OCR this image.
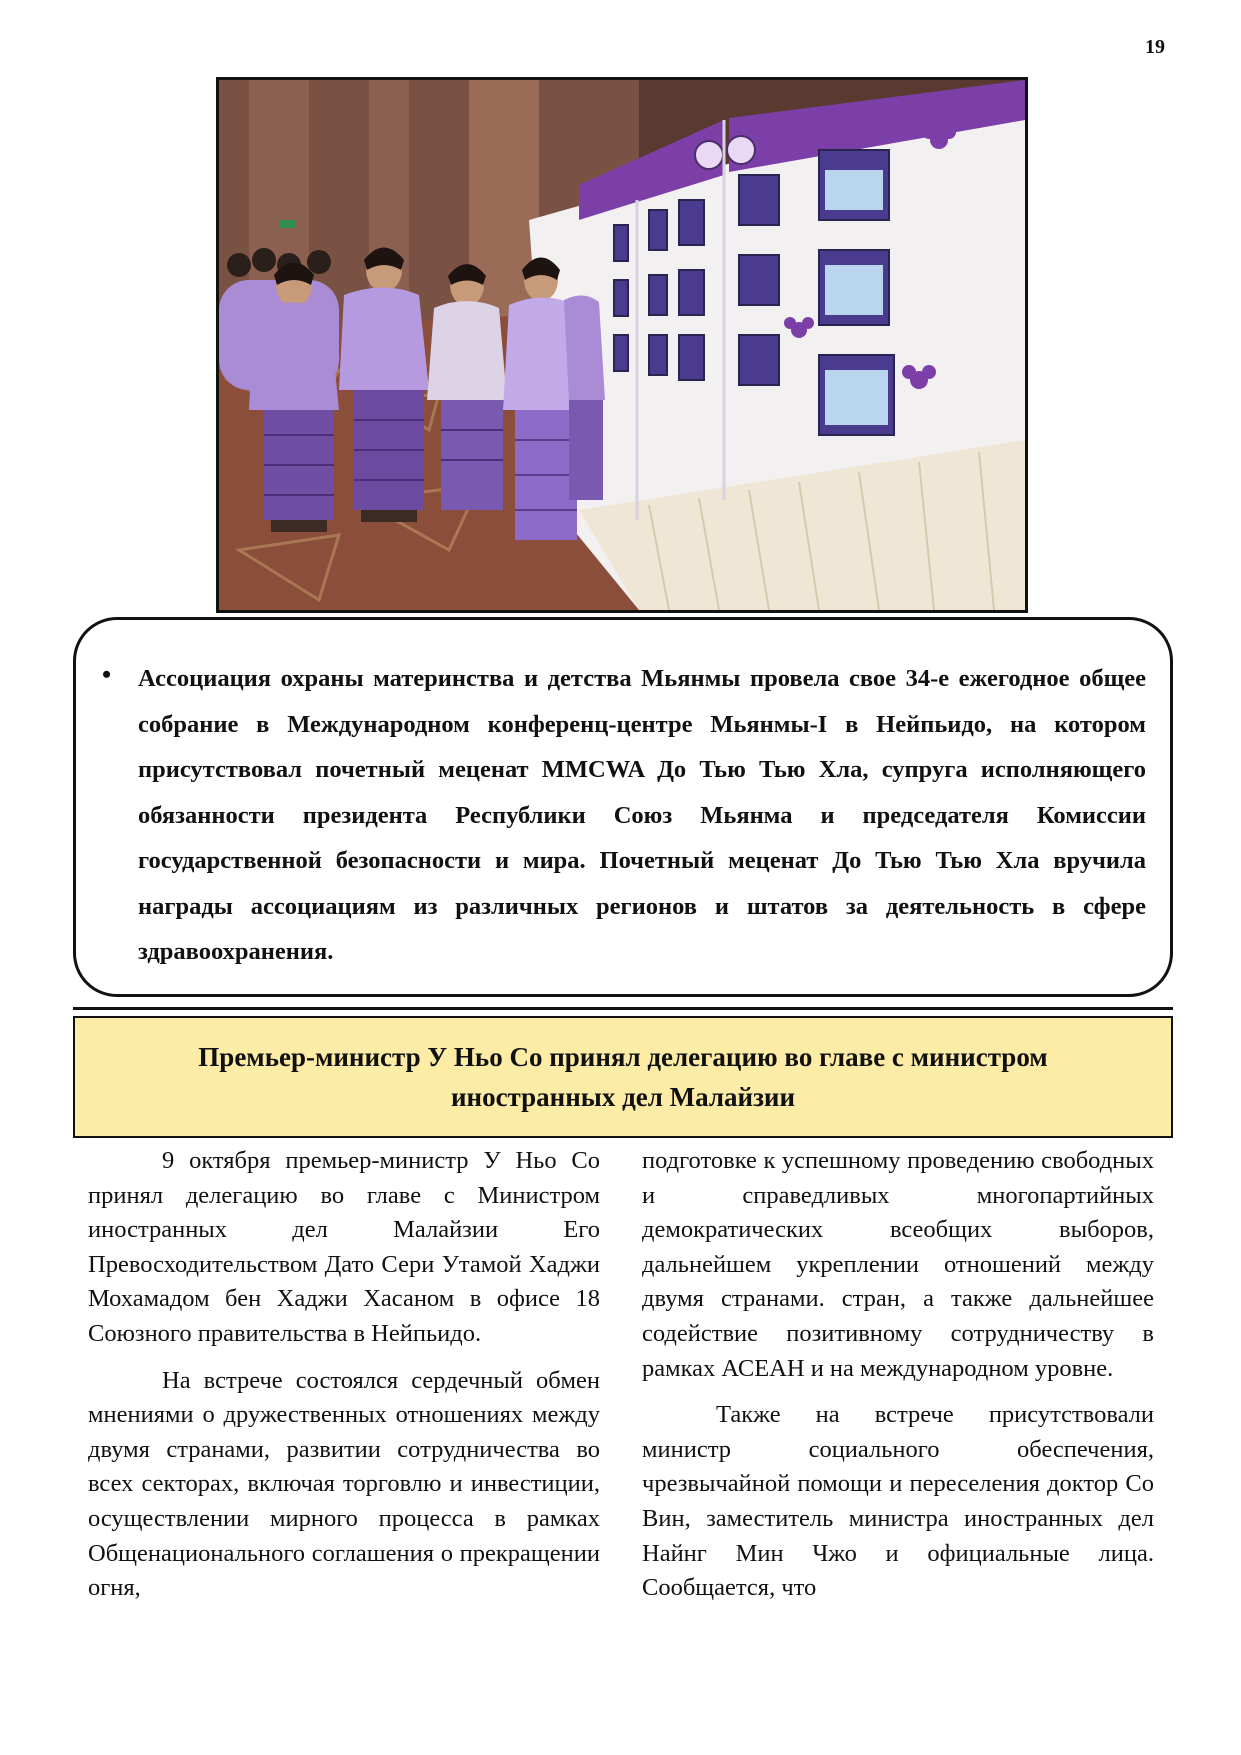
19
• Ассоциация охраны материнства и детства Мьянмы провела свое 34-е ежегодное общее собрание в Международном конференц-центре Мьянмы-I в Нейпьидо, на котором присутствовал почетный меценат MMCWA До Тью Тью Хла, супруга исполняющего обязанности президента Республики Союз Мьянма и председателя Комиссии государственной безопасности и мира. Почетный меценат До Тью Тью Хла вручила награды ассоциациям из различных регионов и штатов за деятельность в сфере здравоохранения.
Премьер-министр У Ньо Со принял делегацию во главе с министром иностранных дел Малайзии

9 октября премьер-министр У Ньо Со принял делегацию во главе с Министром иностранных дел Малайзии Его Превосходительством Дато Сери Утамой Хаджи Мохамадом бен Хаджи Хасаном в офисе 18 Союзного правительства в Нейпьидо.

На встрече состоялся сердечный обмен мнениями о дружественных отношениях между двумя странами, развитии сотрудничества во всех секторах, включая торговлю и инвестиции, осуществлении мирного процесса в рамках Общенационального соглашения о прекращении огня,

подготовке к успешному проведению свободных и справедливых многопартийных демократических всеобщих выборов, дальнейшем укреплении отношений между двумя странами. стран, а также дальнейшее содействие позитивному сотрудничеству в рамках АСЕАН и на международном уровне.

Также на встрече присутствовали министр социального обеспечения, чрезвычайной помощи и переселения доктор Со Вин, заместитель министра иностранных дел Найнг Мин Чжо и официальные лица. Сообщается, что
